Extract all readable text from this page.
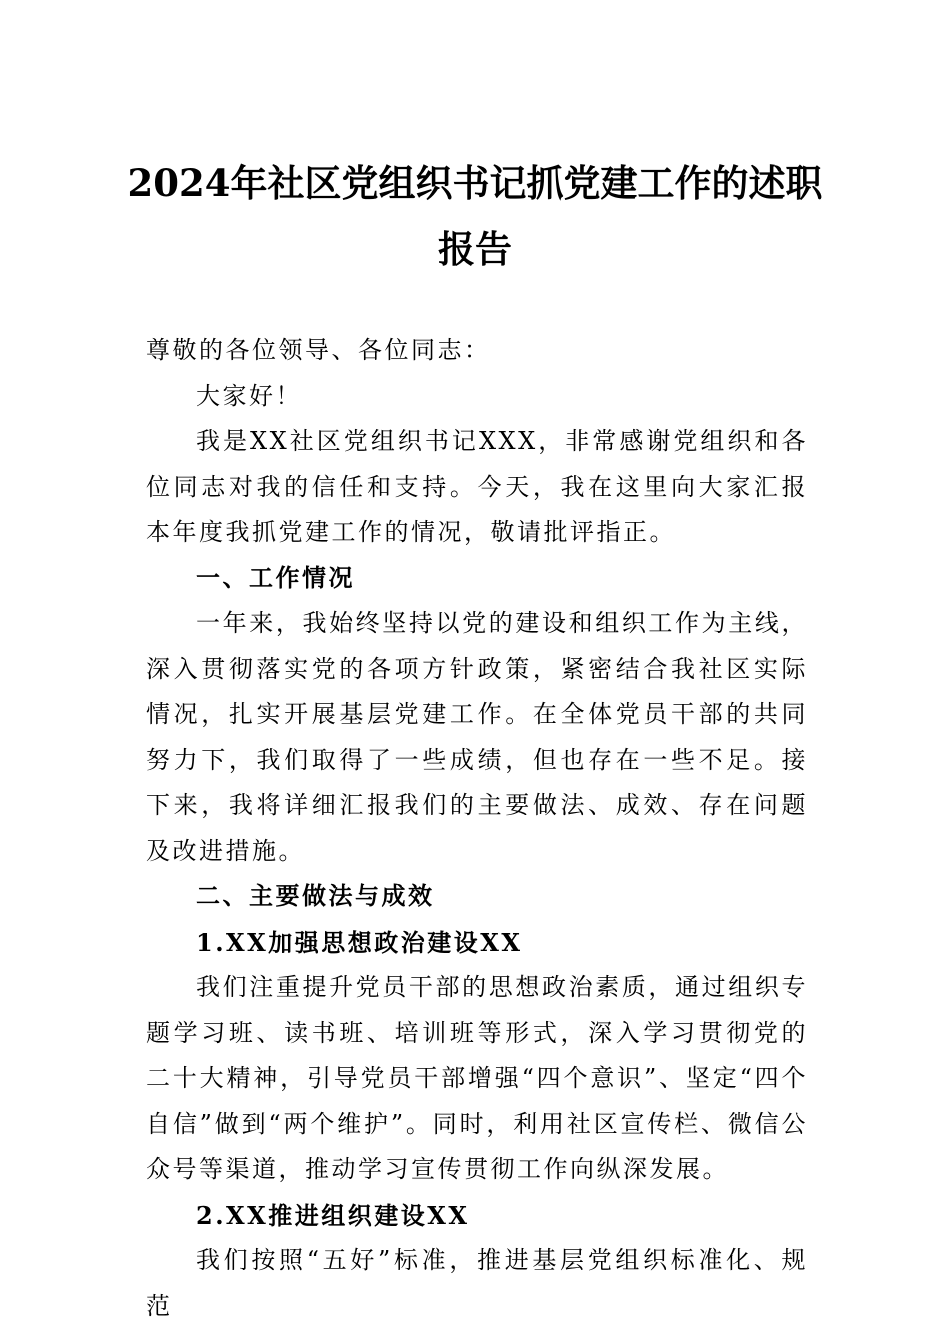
2024年社区党组织书记抓党建工作的述职报告

尊敬的各位领导、各位同志：

大家好！

我是XX社区党组织书记XXX，非常感谢党组织和各位同志对我的信任和支持。今天，我在这里向大家汇报本年度我抓党建工作的情况，敬请批评指正。

一、工作情况

一年来，我始终坚持以党的建设和组织工作为主线，深入贯彻落实党的各项方针政策，紧密结合我社区实际情况，扎实开展基层党建工作。在全体党员干部的共同努力下，我们取得了一些成绩，但也存在一些不足。接下来，我将详细汇报我们的主要做法、成效、存在问题及改进措施。

二、主要做法与成效

1.XX加强思想政治建设XX

我们注重提升党员干部的思想政治素质，通过组织专题学习班、读书班、培训班等形式，深入学习贯彻党的二十大精神，引导党员干部增强“四个意识”、坚定“四个自信”做到“两个维护”。同时，利用社区宣传栏、微信公众号等渠道，推动学习宣传贯彻工作向纵深发展。

2.XX推进组织建设XX

我们按照“五好”标准，推进基层党组织标准化、规范
